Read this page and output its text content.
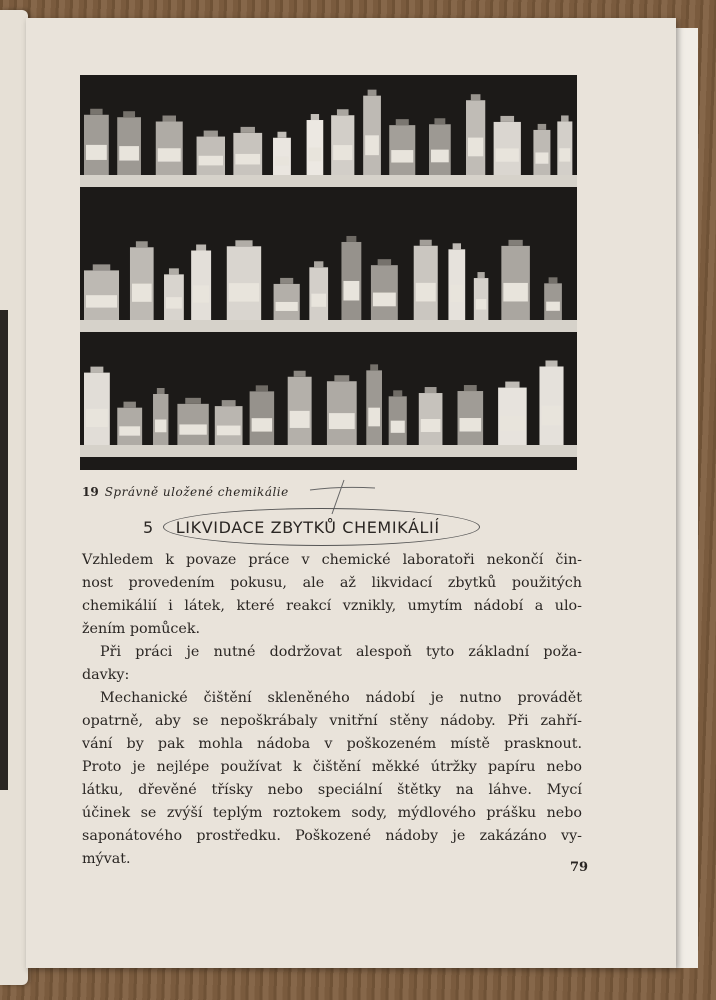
19 Správně uložené chemikálie
5 LIKVIDACE ZBYTKŮ CHEMIKÁLIÍ
Vzhledem k povaze práce v chemické laboratoři nekončí čin-
nost provedením pokusu, ale až likvidací zbytků použitých
chemikálií i látek, které reakcí vznikly, umytím nádobí a ulo-
žením pomůcek.
Při práci je nutné dodržovat alespoň tyto základní poža-
davky:
Mechanické čištění skleněného nádobí je nutno provádět
opatrně, aby se nepoškrábaly vnitřní stěny nádoby. Při zahří-
vání by pak mohla nádoba v poškozeném místě prasknout.
Proto je nejlépe používat k čištění měkké útržky papíru nebo
látku, dřevěné třísky nebo speciální štětky na láhve. Mycí
účinek se zvýší teplým roztokem sody, mýdlového prášku nebo
saponátového prostředku. Poškozené nádoby je zakázáno vy-
mývat.
79
